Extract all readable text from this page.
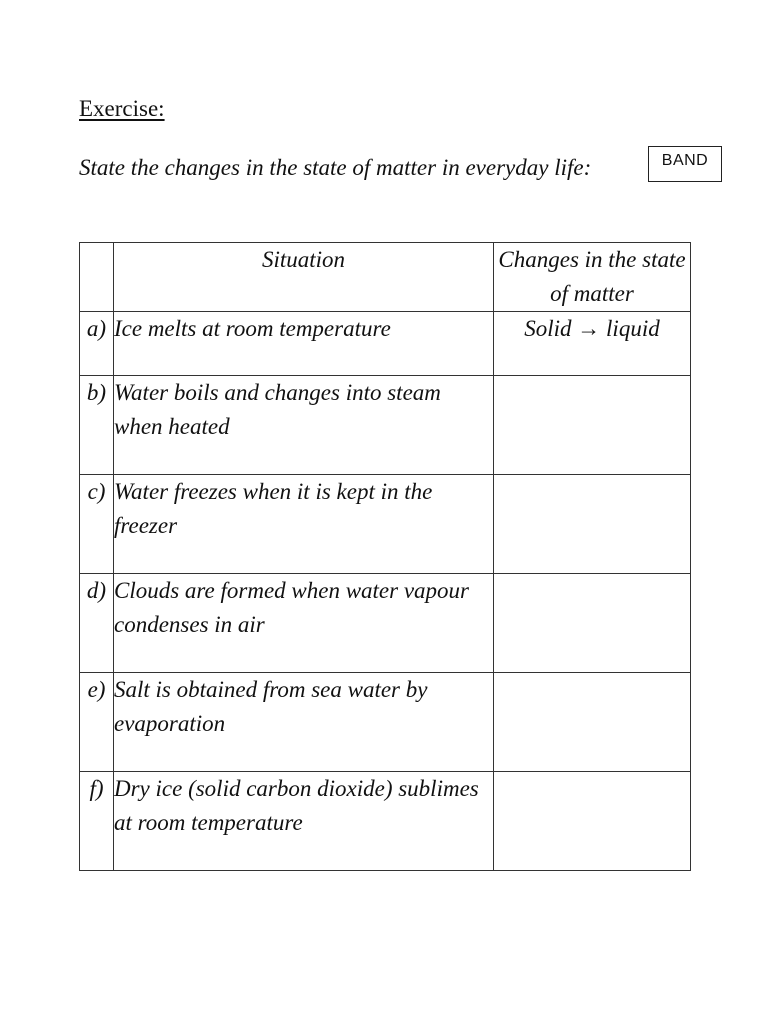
Exercise:
State the changes in the state of matter in everyday life:	BAND
	Situation	Changes in the state of matter
a)	Ice melts at room temperature	Solid → liquid
b)	Water boils and changes into steam when heated	
c)	Water freezes when it is kept in the freezer	
d)	Clouds are formed when water vapour condenses in air	
e)	Salt is obtained from sea water by evaporation	
f)	Dry ice (solid carbon dioxide) sublimes at room temperature	
